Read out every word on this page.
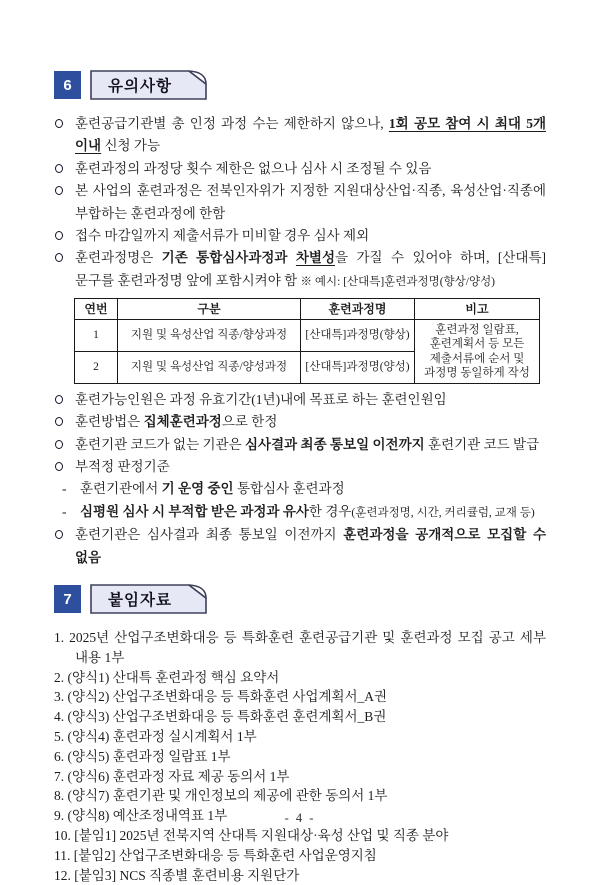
6	유의사항
훈련공급기관별 총 인정 과정 수는 제한하지 않으나, 1회 공모 참여 시 최대 5개 이내 신청 가능
훈련과정의 과정당 횟수 제한은 없으나 심사 시 조정될 수 있음
본 사업의 훈련과정은 전북인자위가 지정한 지원대상산업·직종, 육성산업·직종에 부합하는 훈련과정에 한함
접수 마감일까지 제출서류가 미비할 경우 심사 제외
훈련과정명은 기존 통합심사과정과 차별성을 가질 수 있어야 하며, [산대특] 문구를 훈련과정명 앞에 포함시켜야 함 ※ 예시: [산대특]훈련과정명(향상/양성)
연번	구분	훈련과정명	비고
1	지원 및 육성산업 직종/향상과정	[산대특]과정명(향상)	훈련과정 일람표, 훈련계획서 등 모든 제출서류에 순서 및 과정명 동일하게 작성
2	지원 및 육성산업 직종/양성과정	[산대특]과정명(양성)	
훈련가능인원은 과정 유효기간(1년)내에 목표로 하는 훈련인원임
훈련방법은 집체훈련과정으로 한정
훈련기관 코드가 없는 기관은 심사결과 최종 통보일 이전까지 훈련기관 코드 발급
부적정 판정기준
- 훈련기관에서 기 운영 중인 통합심사 훈련과정
- 심평원 심사 시 부적합 받은 과정과 유사한 경우(훈련과정명, 시간, 커리큘럼, 교재 등)
훈련기관은 심사결과 최종 통보일 이전까지 훈련과정을 공개적으로 모집할 수 없음
7	붙임자료
1. 2025년 산업구조변화대응 등 특화훈련 훈련공급기관 및 훈련과정 모집 공고 세부 내용 1부
2. (양식1) 산대특 훈련과정 핵심 요약서
3. (양식2) 산업구조변화대응 등 특화훈련 사업계획서_A권
4. (양식3) 산업구조변화대응 등 특화훈련 훈련계획서_B권
5. (양식4) 훈련과정 실시계획서 1부
6. (양식5) 훈련과정 일람표 1부
7. (양식6) 훈련과정 자료 제공 동의서 1부
8. (양식7) 훈련기관 및 개인정보의 제공에 관한 동의서 1부
9. (양식8) 예산조정내역표 1부
10. [붙임1] 2025년 전북지역 산대특 지원대상·육성 산업 및 직종 분야
11. [붙임2] 산업구조변화대응 등 특화훈련 사업운영지침
12. [붙임3] NCS 직종별 훈련비용 지원단가
- 4 -
